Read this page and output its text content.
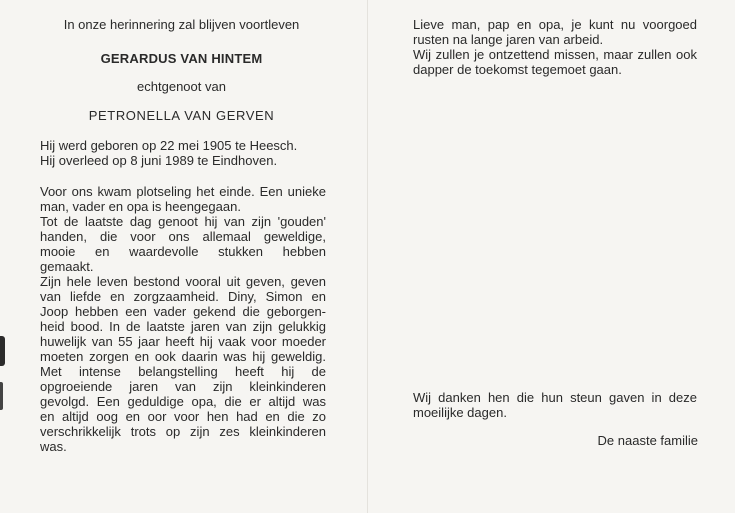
In onze herinnering zal blijven voortleven
GERARDUS VAN HINTEM
echtgenoot van
PETRONELLA VAN GERVEN
Hij werd geboren op 22 mei 1905 te Heesch.
Hij overleed op 8 juni 1989 te Eindhoven.
Voor ons kwam plotseling het einde. Een unieke
man, vader en opa is heengegaan.
Tot de laatste dag genoot hij van zijn 'gouden'
handen, die voor ons allemaal geweldige,
mooie en waardevolle stukken hebben
gemaakt.
Zijn hele leven bestond vooral uit geven, geven
van liefde en zorgzaamheid. Diny, Simon en
Joop hebben een vader gekend die geborgen-
heid bood. In de laatste jaren van zijn gelukkig
huwelijk van 55 jaar heeft hij vaak voor moeder
moeten zorgen en ook daarin was hij geweldig.
Met intense belangstelling heeft hij de
opgroeiende jaren van zijn kleinkinderen
gevolgd. Een geduldige opa, die er altijd was
en altijd oog en oor voor hen had en die zo
verschrikkelijk trots op zijn zes kleinkinderen
was.
Lieve man, pap en opa, je kunt nu voorgoed
rusten na lange jaren van arbeid.
Wij zullen je ontzettend missen, maar zullen ook
dapper de toekomst tegemoet gaan.
Wij danken hen die hun steun gaven in deze
moeilijke dagen.
De naaste familie
